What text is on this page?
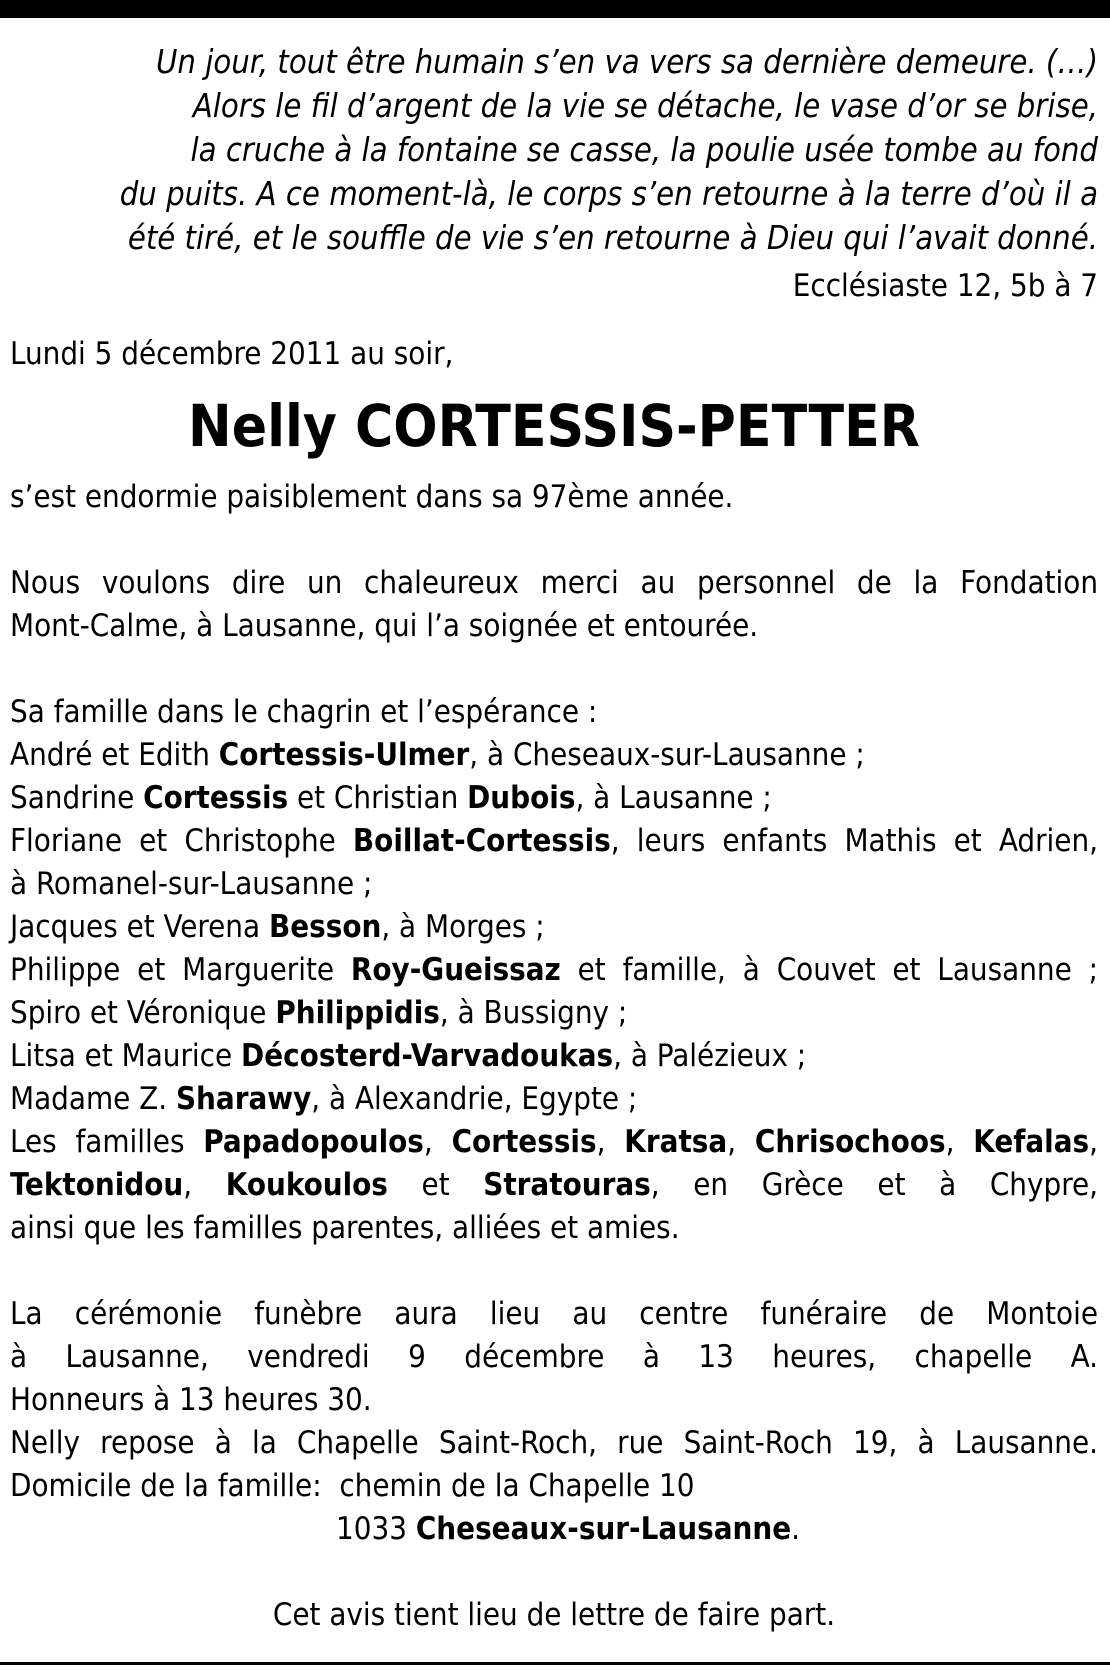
Un jour, tout être humain s’en va vers sa dernière demeure. (…)
Alors le fil d’argent de la vie se détache, le vase d’or se brise,
la cruche à la fontaine se casse, la poulie usée tombe au fond
du puits. A ce moment-là, le corps s’en retourne à la terre d’où il a
été tiré, et le souffle de vie s’en retourne à Dieu qui l’avait donné.
Ecclésiaste 12, 5b à 7
Lundi 5 décembre 2011 au soir,
Nelly CORTESSIS-PETTER
s’est endormie paisiblement dans sa 97ème année.
Nous voulons dire un chaleureux merci au personnel de la Fondation
Mont-Calme, à Lausanne, qui l’a soignée et entourée.
Sa famille dans le chagrin et l’espérance :
André et Edith Cortessis-Ulmer, à Cheseaux-sur-Lausanne ;
Sandrine Cortessis et Christian Dubois, à Lausanne ;
Floriane et Christophe Boillat-Cortessis, leurs enfants Mathis et Adrien,
à Romanel-sur-Lausanne ;
Jacques et Verena Besson, à Morges ;
Philippe et Marguerite Roy-Gueissaz et famille, à Couvet et Lausanne ;
Spiro et Véronique Philippidis, à Bussigny ;
Litsa et Maurice Décosterd-Varvadoukas, à Palézieux ;
Madame Z. Sharawy, à Alexandrie, Egypte ;
Les familles Papadopoulos, Cortessis, Kratsa, Chrisochoos, Kefalas,
Tektonidou, Koukoulos et Stratouras, en Grèce et à Chypre,
ainsi que les familles parentes, alliées et amies.
La cérémonie funèbre aura lieu au centre funéraire de Montoie
à Lausanne, vendredi 9 décembre à 13 heures, chapelle A.
Honneurs à 13 heures 30.
Nelly repose à la Chapelle Saint-Roch, rue Saint-Roch 19, à Lausanne.
Domicile de la famille: chemin de la Chapelle 10
1033 Cheseaux-sur-Lausanne.
Cet avis tient lieu de lettre de faire part.
